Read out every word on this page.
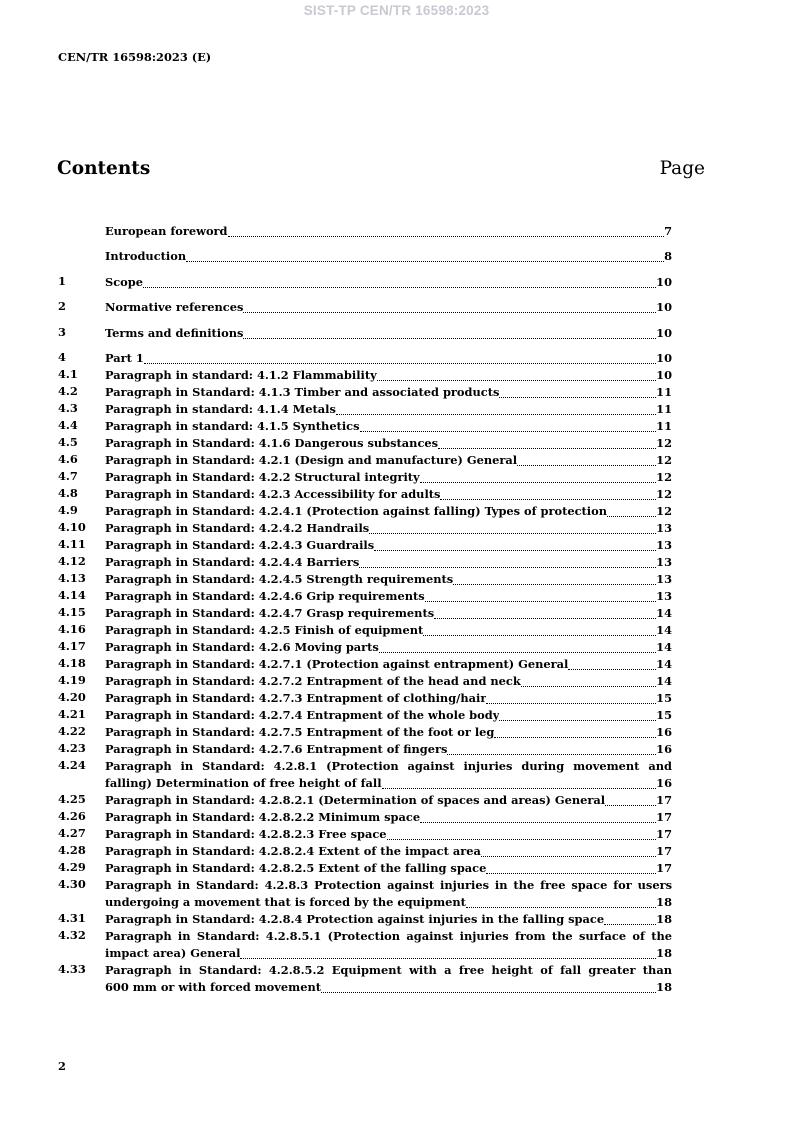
SIST-TP CEN/TR 16598:2023
CEN/TR 16598:2023 (E)
Contents	Page
European foreword	7
Introduction	8
1	Scope	10
2	Normative references	10
3	Terms and definitions	10
4	Part 1	10
4.1	Paragraph in standard: 4.1.2 Flammability	10
4.2	Paragraph in Standard: 4.1.3 Timber and associated products	11
4.3	Paragraph in standard: 4.1.4 Metals	11
4.4	Paragraph in standard: 4.1.5 Synthetics	11
4.5	Paragraph in Standard: 4.1.6 Dangerous substances	12
4.6	Paragraph in Standard: 4.2.1 (Design and manufacture) General	12
4.7	Paragraph in Standard: 4.2.2 Structural integrity	12
4.8	Paragraph in Standard: 4.2.3 Accessibility for adults	12
4.9	Paragraph in Standard: 4.2.4.1 (Protection against falling) Types of protection	12
4.10	Paragraph in Standard: 4.2.4.2 Handrails	13
4.11	Paragraph in Standard: 4.2.4.3 Guardrails	13
4.12	Paragraph in Standard: 4.2.4.4 Barriers	13
4.13	Paragraph in Standard: 4.2.4.5 Strength requirements	13
4.14	Paragraph in Standard: 4.2.4.6 Grip requirements	13
4.15	Paragraph in Standard: 4.2.4.7 Grasp requirements	14
4.16	Paragraph in Standard: 4.2.5 Finish of equipment	14
4.17	Paragraph in Standard: 4.2.6 Moving parts	14
4.18	Paragraph in Standard: 4.2.7.1 (Protection against entrapment) General	14
4.19	Paragraph in Standard: 4.2.7.2 Entrapment of the head and neck	14
4.20	Paragraph in Standard: 4.2.7.3 Entrapment of clothing/hair	15
4.21	Paragraph in Standard: 4.2.7.4 Entrapment of the whole body	15
4.22	Paragraph in Standard: 4.2.7.5 Entrapment of the foot or leg	16
4.23	Paragraph in Standard: 4.2.7.6 Entrapment of fingers	16
4.24	Paragraph in Standard: 4.2.8.1 (Protection against injuries during movement and
falling) Determination of free height of fall	16
4.25	Paragraph in Standard: 4.2.8.2.1 (Determination of spaces and areas) General	17
4.26	Paragraph in Standard: 4.2.8.2.2 Minimum space	17
4.27	Paragraph in Standard: 4.2.8.2.3 Free space	17
4.28	Paragraph in Standard: 4.2.8.2.4 Extent of the impact area	17
4.29	Paragraph in Standard: 4.2.8.2.5 Extent of the falling space	17
4.30	Paragraph in Standard: 4.2.8.3 Protection against injuries in the free space for users
undergoing a movement that is forced by the equipment	18
4.31	Paragraph in Standard: 4.2.8.4 Protection against injuries in the falling space	18
4.32	Paragraph in Standard: 4.2.8.5.1 (Protection against injuries from the surface of the
impact area) General	18
4.33	Paragraph in Standard: 4.2.8.5.2 Equipment with a free height of fall greater than
600 mm or with forced movement	18
2
